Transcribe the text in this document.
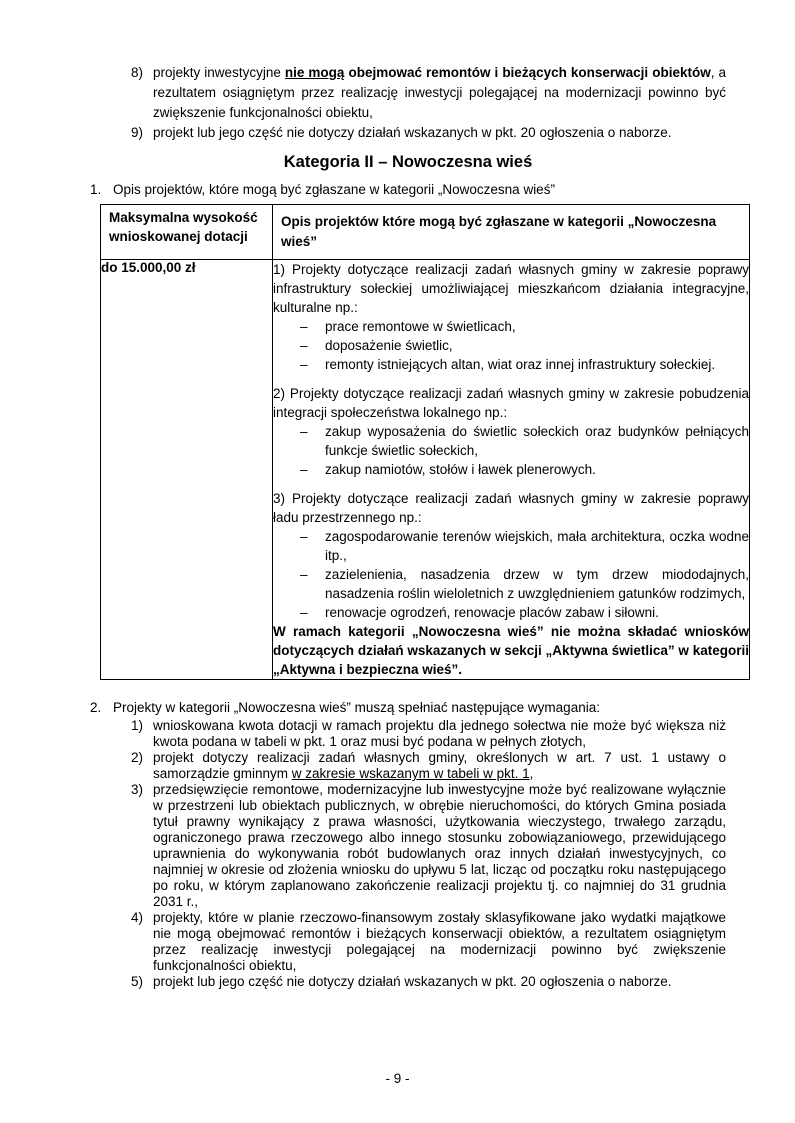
8) projekty inwestycyjne nie mogą obejmować remontów i bieżących konserwacji obiektów, a rezultatem osiągniętym przez realizację inwestycji polegającej na modernizacji powinno być zwiększenie funkcjonalności obiektu,
9) projekt lub jego część nie dotyczy działań wskazanych w pkt. 20 ogłoszenia o naborze.
Kategoria II – Nowoczesna wieś
1. Opis projektów, które mogą być zgłaszane w kategorii „Nowoczesna wieś”
Maksymalna wysokość wnioskowanej dotacji	Opis projektów które mogą być zgłaszane w kategorii „Nowoczesna wieś”
do 15.000,00 zł	1) Projekty dotyczące realizacji zadań własnych gminy w zakresie poprawy infrastruktury sołeckiej umożliwiającej mieszkańcom działania integracyjne, kulturalne np.:
–	prace remontowe w świetlicach,
–	doposażenie świetlic,
–	remonty istniejących altan, wiat oraz innej infrastruktury sołeckiej.
2) Projekty dotyczące realizacji zadań własnych gminy w zakresie pobudzenia integracji społeczeństwa lokalnego np.:
–	zakup wyposażenia do świetlic sołeckich oraz budynków pełniących funkcje świetlic sołeckich,
–	zakup namiotów, stołów i ławek plenerowych.
3) Projekty dotyczące realizacji zadań własnych gminy w zakresie poprawy ładu przestrzennego np.:
–	zagospodarowanie terenów wiejskich, mała architektura, oczka wodne itp.,
–	zazielenienia, nasadzenia drzew w tym drzew miododajnych, nasadzenia roślin wieloletnich z uwzględnieniem gatunków rodzimych,
–	renowacje ogrodzeń, renowacje placów zabaw i siłowni.
W ramach kategorii „Nowoczesna wieś” nie można składać wniosków dotyczących działań wskazanych w sekcji „Aktywna świetlica” w kategorii „Aktywna i bezpieczna wieś”.
2. Projekty w kategorii „Nowoczesna wieś” muszą spełniać następujące wymagania:
1) wnioskowana kwota dotacji w ramach projektu dla jednego sołectwa nie może być większa niż kwota podana w tabeli w pkt. 1 oraz musi być podana w pełnych złotych,
2) projekt dotyczy realizacji zadań własnych gminy, określonych w art. 7 ust. 1 ustawy o samorządzie gminnym w zakresie wskazanym w tabeli w pkt. 1,
3) przedsięwzięcie remontowe, modernizacyjne lub inwestycyjne może być realizowane wyłącznie w przestrzeni lub obiektach publicznych, w obrębie nieruchomości, do których Gmina posiada tytuł prawny wynikający z prawa własności, użytkowania wieczystego, trwałego zarządu, ograniczonego prawa rzeczowego albo innego stosunku zobowiązaniowego, przewidującego uprawnienia do wykonywania robót budowlanych oraz innych działań inwestycyjnych, co najmniej w okresie od złożenia wniosku do upływu 5 lat, licząc od początku roku następującego po roku, w którym zaplanowano zakończenie realizacji projektu tj. co najmniej do 31 grudnia 2031 r.,
4) projekty, które w planie rzeczowo-finansowym zostały sklasyfikowane jako wydatki majątkowe nie mogą obejmować remontów i bieżących konserwacji obiektów, a rezultatem osiągniętym przez realizację inwestycji polegającej na modernizacji powinno być zwiększenie funkcjonalności obiektu,
5) projekt lub jego część nie dotyczy działań wskazanych w pkt. 20 ogłoszenia o naborze.
- 9 -
